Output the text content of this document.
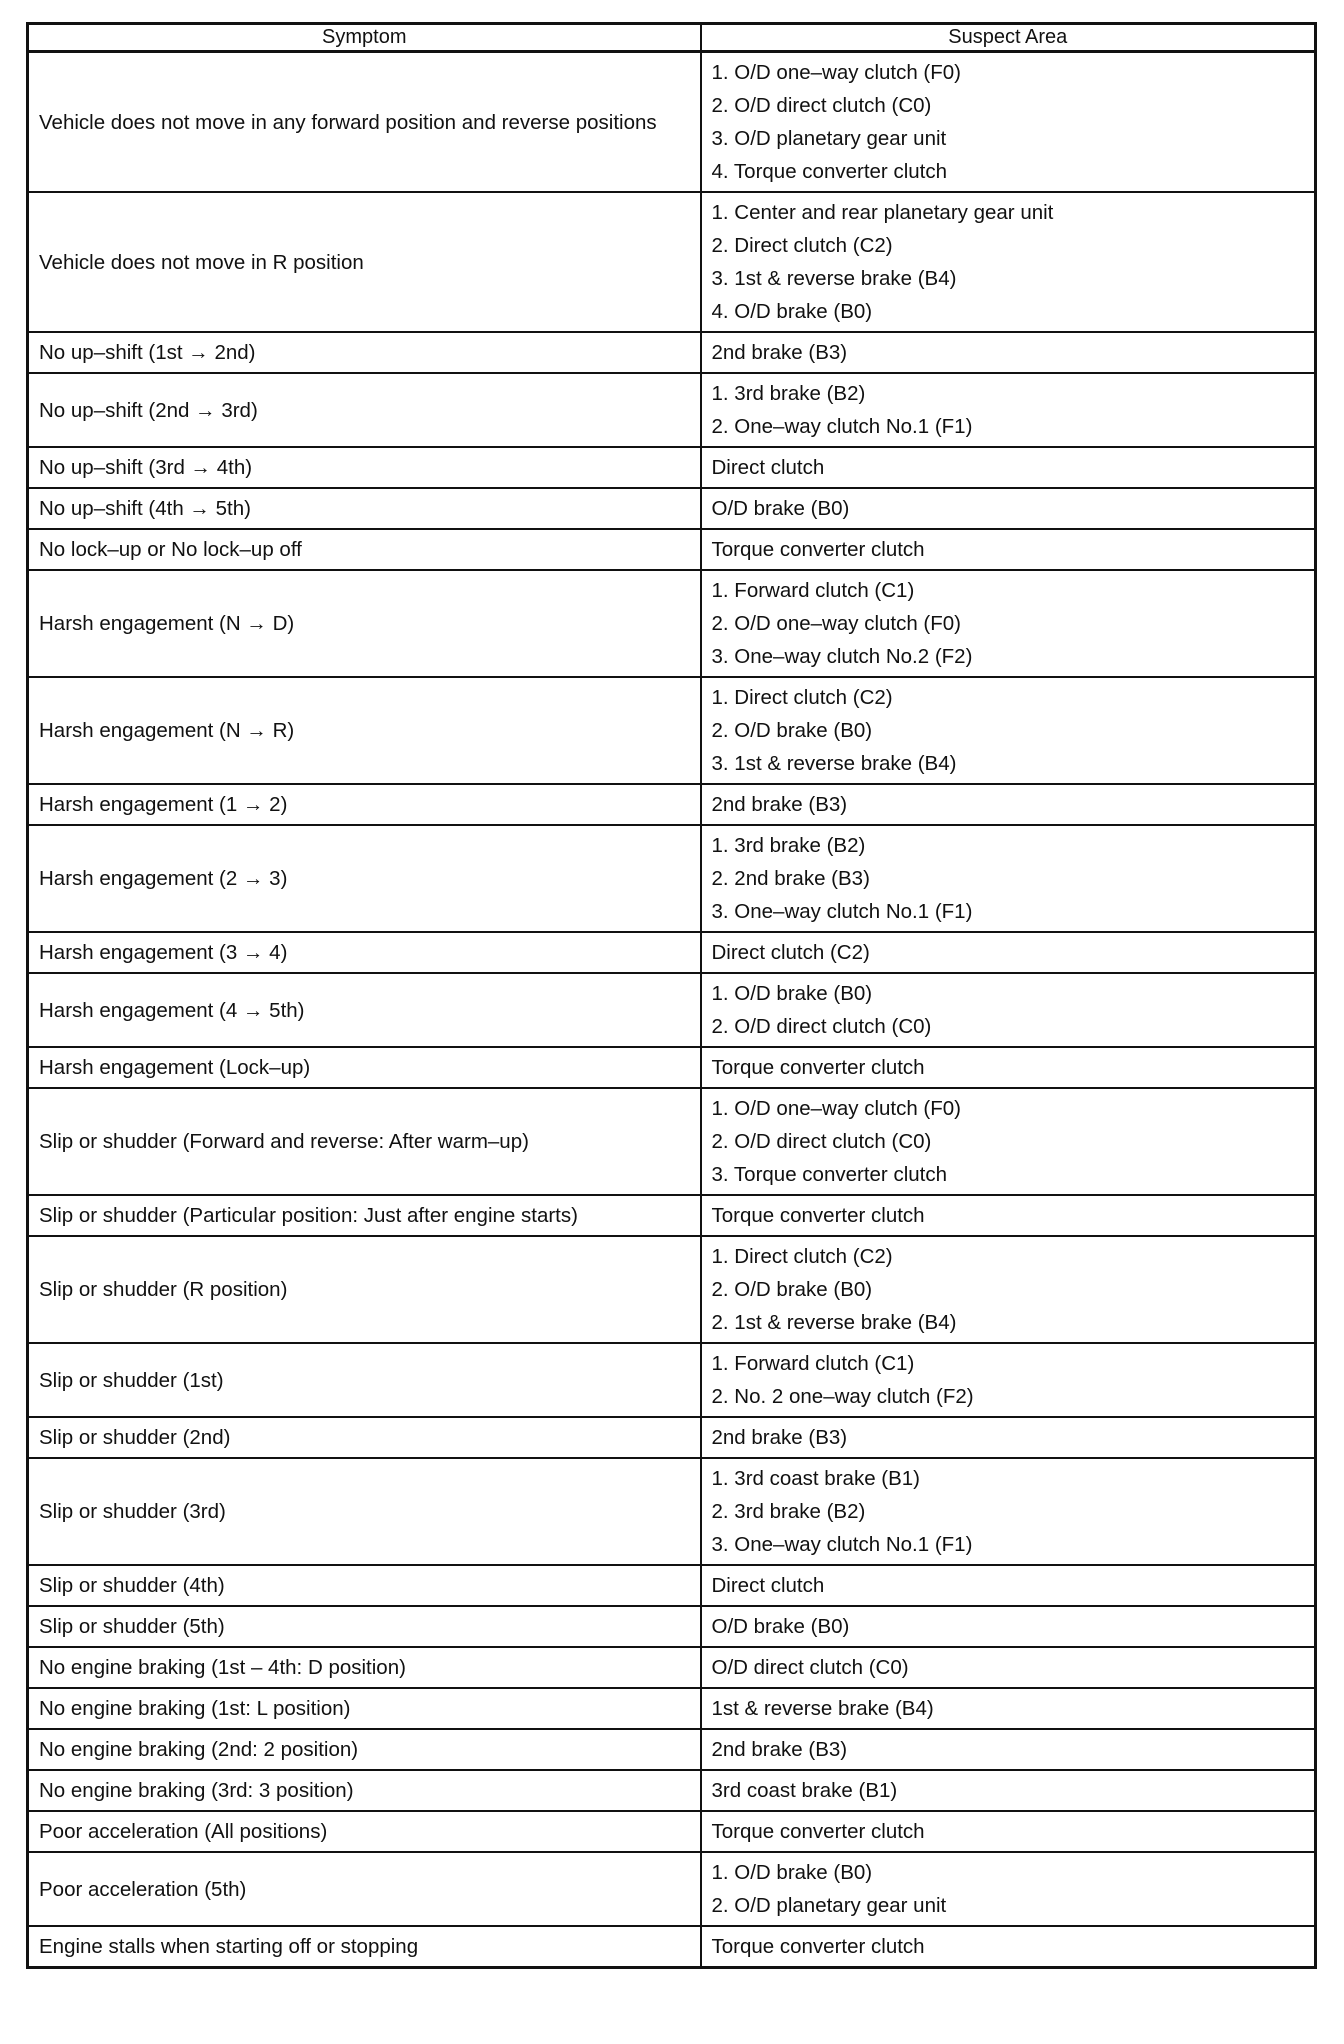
Symptom	Suspect Area
Vehicle does not move in any forward position and reverse positions	1. O/D one–way clutch (F0)
2. O/D direct clutch (C0)
3. O/D planetary gear unit
4. Torque converter clutch

Vehicle does not move in R position	1. Center and rear planetary gear unit
2. Direct clutch (C2)
3. 1st & reverse brake (B4)
4. O/D brake (B0)

No up–shift (1st → 2nd)	2nd brake (B3)

No up–shift (2nd → 3rd)	1. 3rd brake (B2)
2. One–way clutch No.1 (F1)

No up–shift (3rd → 4th)	Direct clutch

No up–shift (4th → 5th)	O/D brake (B0)

No lock–up or No lock–up off	Torque converter clutch

Harsh engagement (N → D)	1. Forward clutch (C1)
2. O/D one–way clutch (F0)
3. One–way clutch No.2 (F2)

Harsh engagement (N → R)	1. Direct clutch (C2)
2. O/D brake (B0)
3. 1st & reverse brake (B4)

Harsh engagement (1 → 2)	2nd brake (B3)

Harsh engagement (2 → 3)	1. 3rd brake (B2)
2. 2nd brake (B3)
3. One–way clutch No.1 (F1)

Harsh engagement (3 → 4)	Direct clutch (C2)

Harsh engagement (4 → 5th)	1. O/D brake (B0)
2. O/D direct clutch (C0)

Harsh engagement (Lock–up)	Torque converter clutch

Slip or shudder (Forward and reverse: After warm–up)	1. O/D one–way clutch (F0)
2. O/D direct clutch (C0)
3. Torque converter clutch

Slip or shudder (Particular position: Just after engine starts)	Torque converter clutch

Slip or shudder (R position)	1. Direct clutch (C2)
2. O/D brake (B0)
2. 1st & reverse brake (B4)

Slip or shudder (1st)	1. Forward clutch (C1)
2. No. 2 one–way clutch (F2)

Slip or shudder (2nd)	2nd brake (B3)

Slip or shudder (3rd)	1. 3rd coast brake (B1)
2. 3rd brake (B2)
3. One–way clutch No.1 (F1)

Slip or shudder (4th)	Direct clutch

Slip or shudder (5th)	O/D brake (B0)

No engine braking (1st – 4th: D position)	O/D direct clutch (C0)

No engine braking (1st: L position)	1st & reverse brake (B4)

No engine braking (2nd: 2 position)	2nd brake (B3)

No engine braking (3rd: 3 position)	3rd coast brake (B1)

Poor acceleration (All positions)	Torque converter clutch

Poor acceleration (5th)	1. O/D brake (B0)
2. O/D planetary gear unit

Engine stalls when starting off or stopping	Torque converter clutch
